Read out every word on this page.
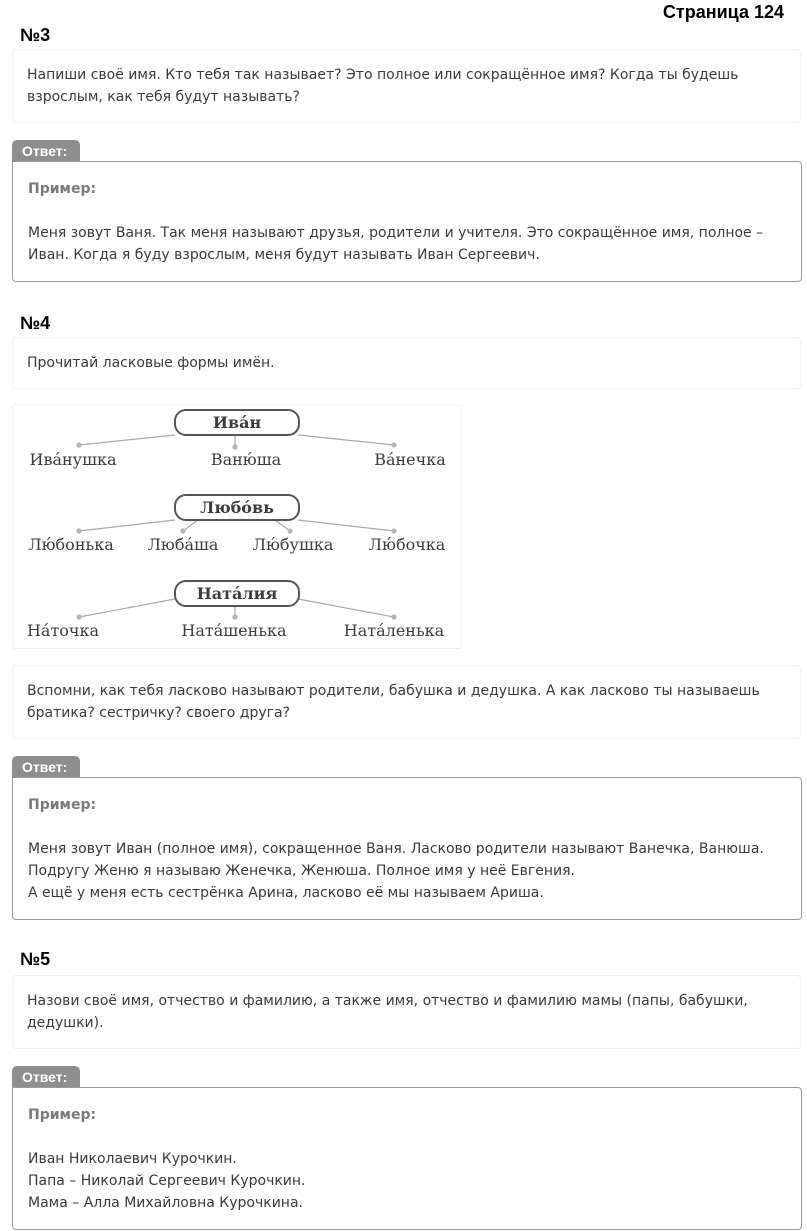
Страница 124
№3
Напиши своё имя. Кто тебя так называет? Это полное или сокращённое имя? Когда ты будешь взрослым, как тебя будут называть?
Ответ:
Пример:
Меня зовут Ваня. Так меня называют друзья, родители и учителя. Это сокращённое имя, полное – Иван. Когда я буду взрослым, меня будут называть Иван Сергеевич.
№4
Прочитай ласковые формы имён.
Ива́н
Любо́вь
Ната́лия
Ива́нушка	Ваню́ша	Ва́нечка
Лю́бонька Люба́ша Лю́бушка Лю́бочка
На́точка	Ната́шенька	Ната́ленька
Вспомни, как тебя ласково называют родители, бабушка и дедушка. А как ласково ты называешь братика? сестричку? своего друга?
Ответ:
Пример:
Меня зовут Иван (полное имя), сокращенное Ваня. Ласково родители называют Ванечка, Ванюша.
Подругу Женю я называю Женечка, Женюша. Полное имя у неё Евгения.
А ещё у меня есть сестрёнка Арина, ласково её мы называем Ариша.
№5
Назови своё имя, отчество и фамилию, а также имя, отчество и фамилию мамы (папы, бабушки, дедушки).
Ответ:
Пример:
Иван Николаевич Курочкин.
Папа – Николай Сергеевич Курочкин.
Мама – Алла Михайловна Курочкина.
